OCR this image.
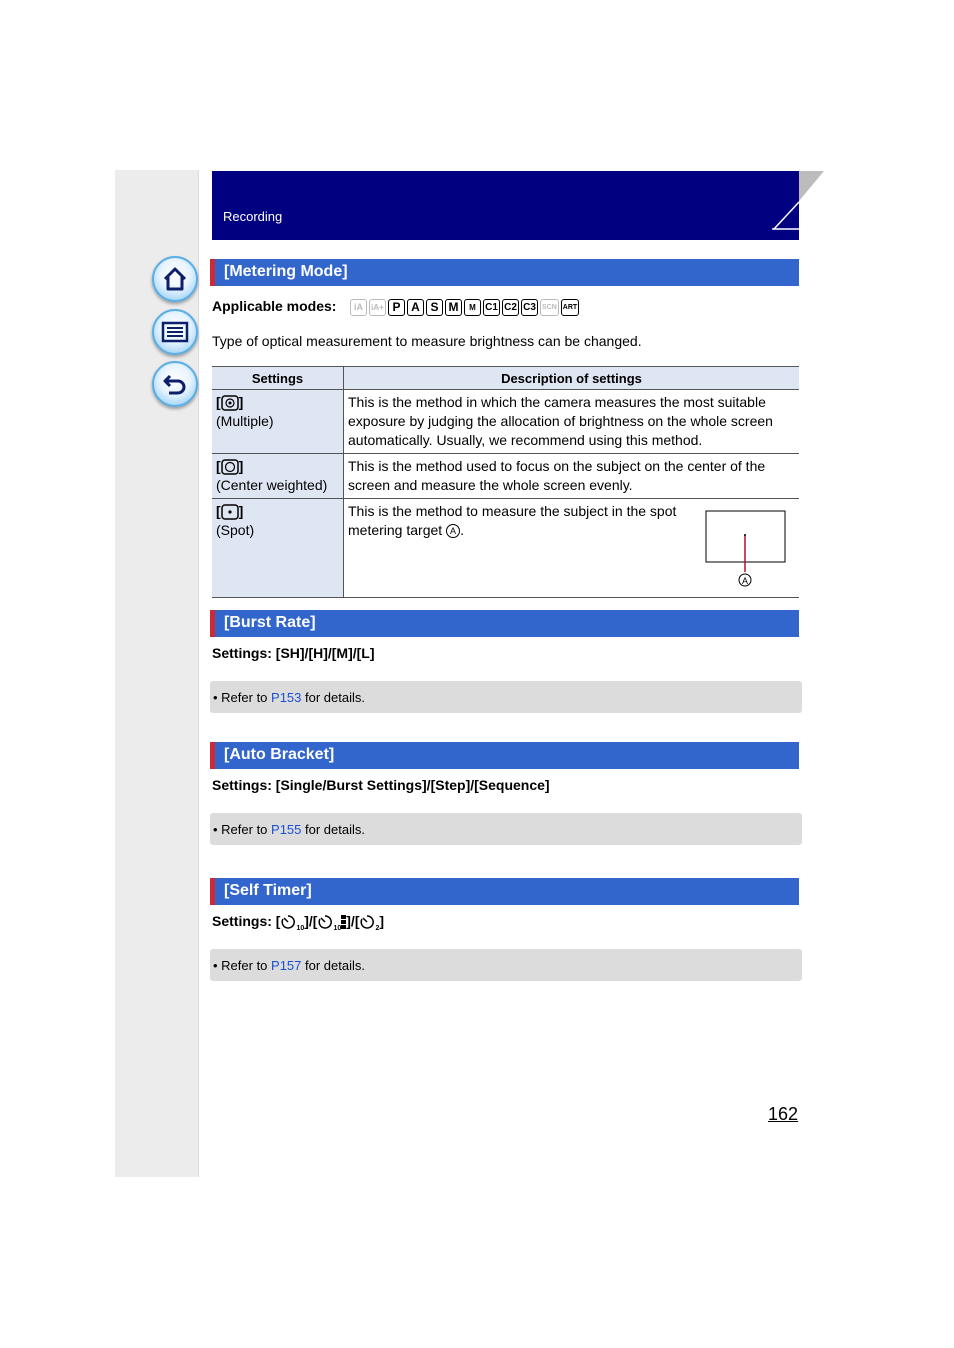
Recording
[Metering Mode]
Applicable modes:	iA	iA+ P A S M	M C1 C2 C3 SCN ART
Type of optical measurement to measure brightness can be changed.
Settings	Description of settings
[ ]
(Multiple)	This is the method in which the camera measures the most suitable exposure by judging the allocation of brightness on the whole screen automatically. Usually, we recommend using this method.
[ ]
(Center weighted)	This is the method used to focus on the subject on the center of the screen and measure the whole screen evenly.
[ ]
(Spot)	This is the method to measure the subject in the spot metering target A .
A
[Burst Rate]
Settings: [SH]/[H]/[M]/[L]
• Refer to P153 for details.
[Auto Bracket]
Settings: [Single/Burst Settings]/[Step]/[Sequence]
• Refer to P155 for details.
[Self Timer]
Settings: [ $_{10}$]/[ $_{10}$ ]/[ $_2$]
• Refer to P157 for details.
162
